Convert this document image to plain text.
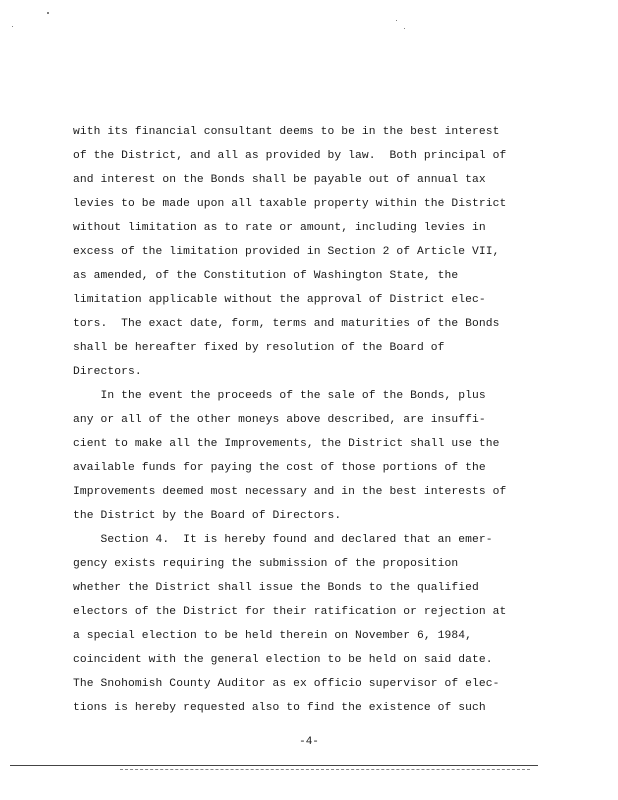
with its financial consultant deems to be in the best interest
of the District, and all as provided by law.  Both principal of
and interest on the Bonds shall be payable out of annual tax
levies to be made upon all taxable property within the District
without limitation as to rate or amount, including levies in
excess of the limitation provided in Section 2 of Article VII,
as amended, of the Constitution of Washington State, the
limitation applicable without the approval of District elec-
tors.  The exact date, form, terms and maturities of the Bonds
shall be hereafter fixed by resolution of the Board of
Directors.
In the event the proceeds of the sale of the Bonds, plus
any or all of the other moneys above described, are insuffi-
cient to make all the Improvements, the District shall use the
available funds for paying the cost of those portions of the
Improvements deemed most necessary and in the best interests of
the District by the Board of Directors.
Section 4.  It is hereby found and declared that an emer-
gency exists requiring the submission of the proposition
whether the District shall issue the Bonds to the qualified
electors of the District for their ratification or rejection at
a special election to be held therein on November 6, 1984,
coincident with the general election to be held on said date.
The Snohomish County Auditor as ex officio supervisor of elec-
tions is hereby requested also to find the existence of such
-4-
